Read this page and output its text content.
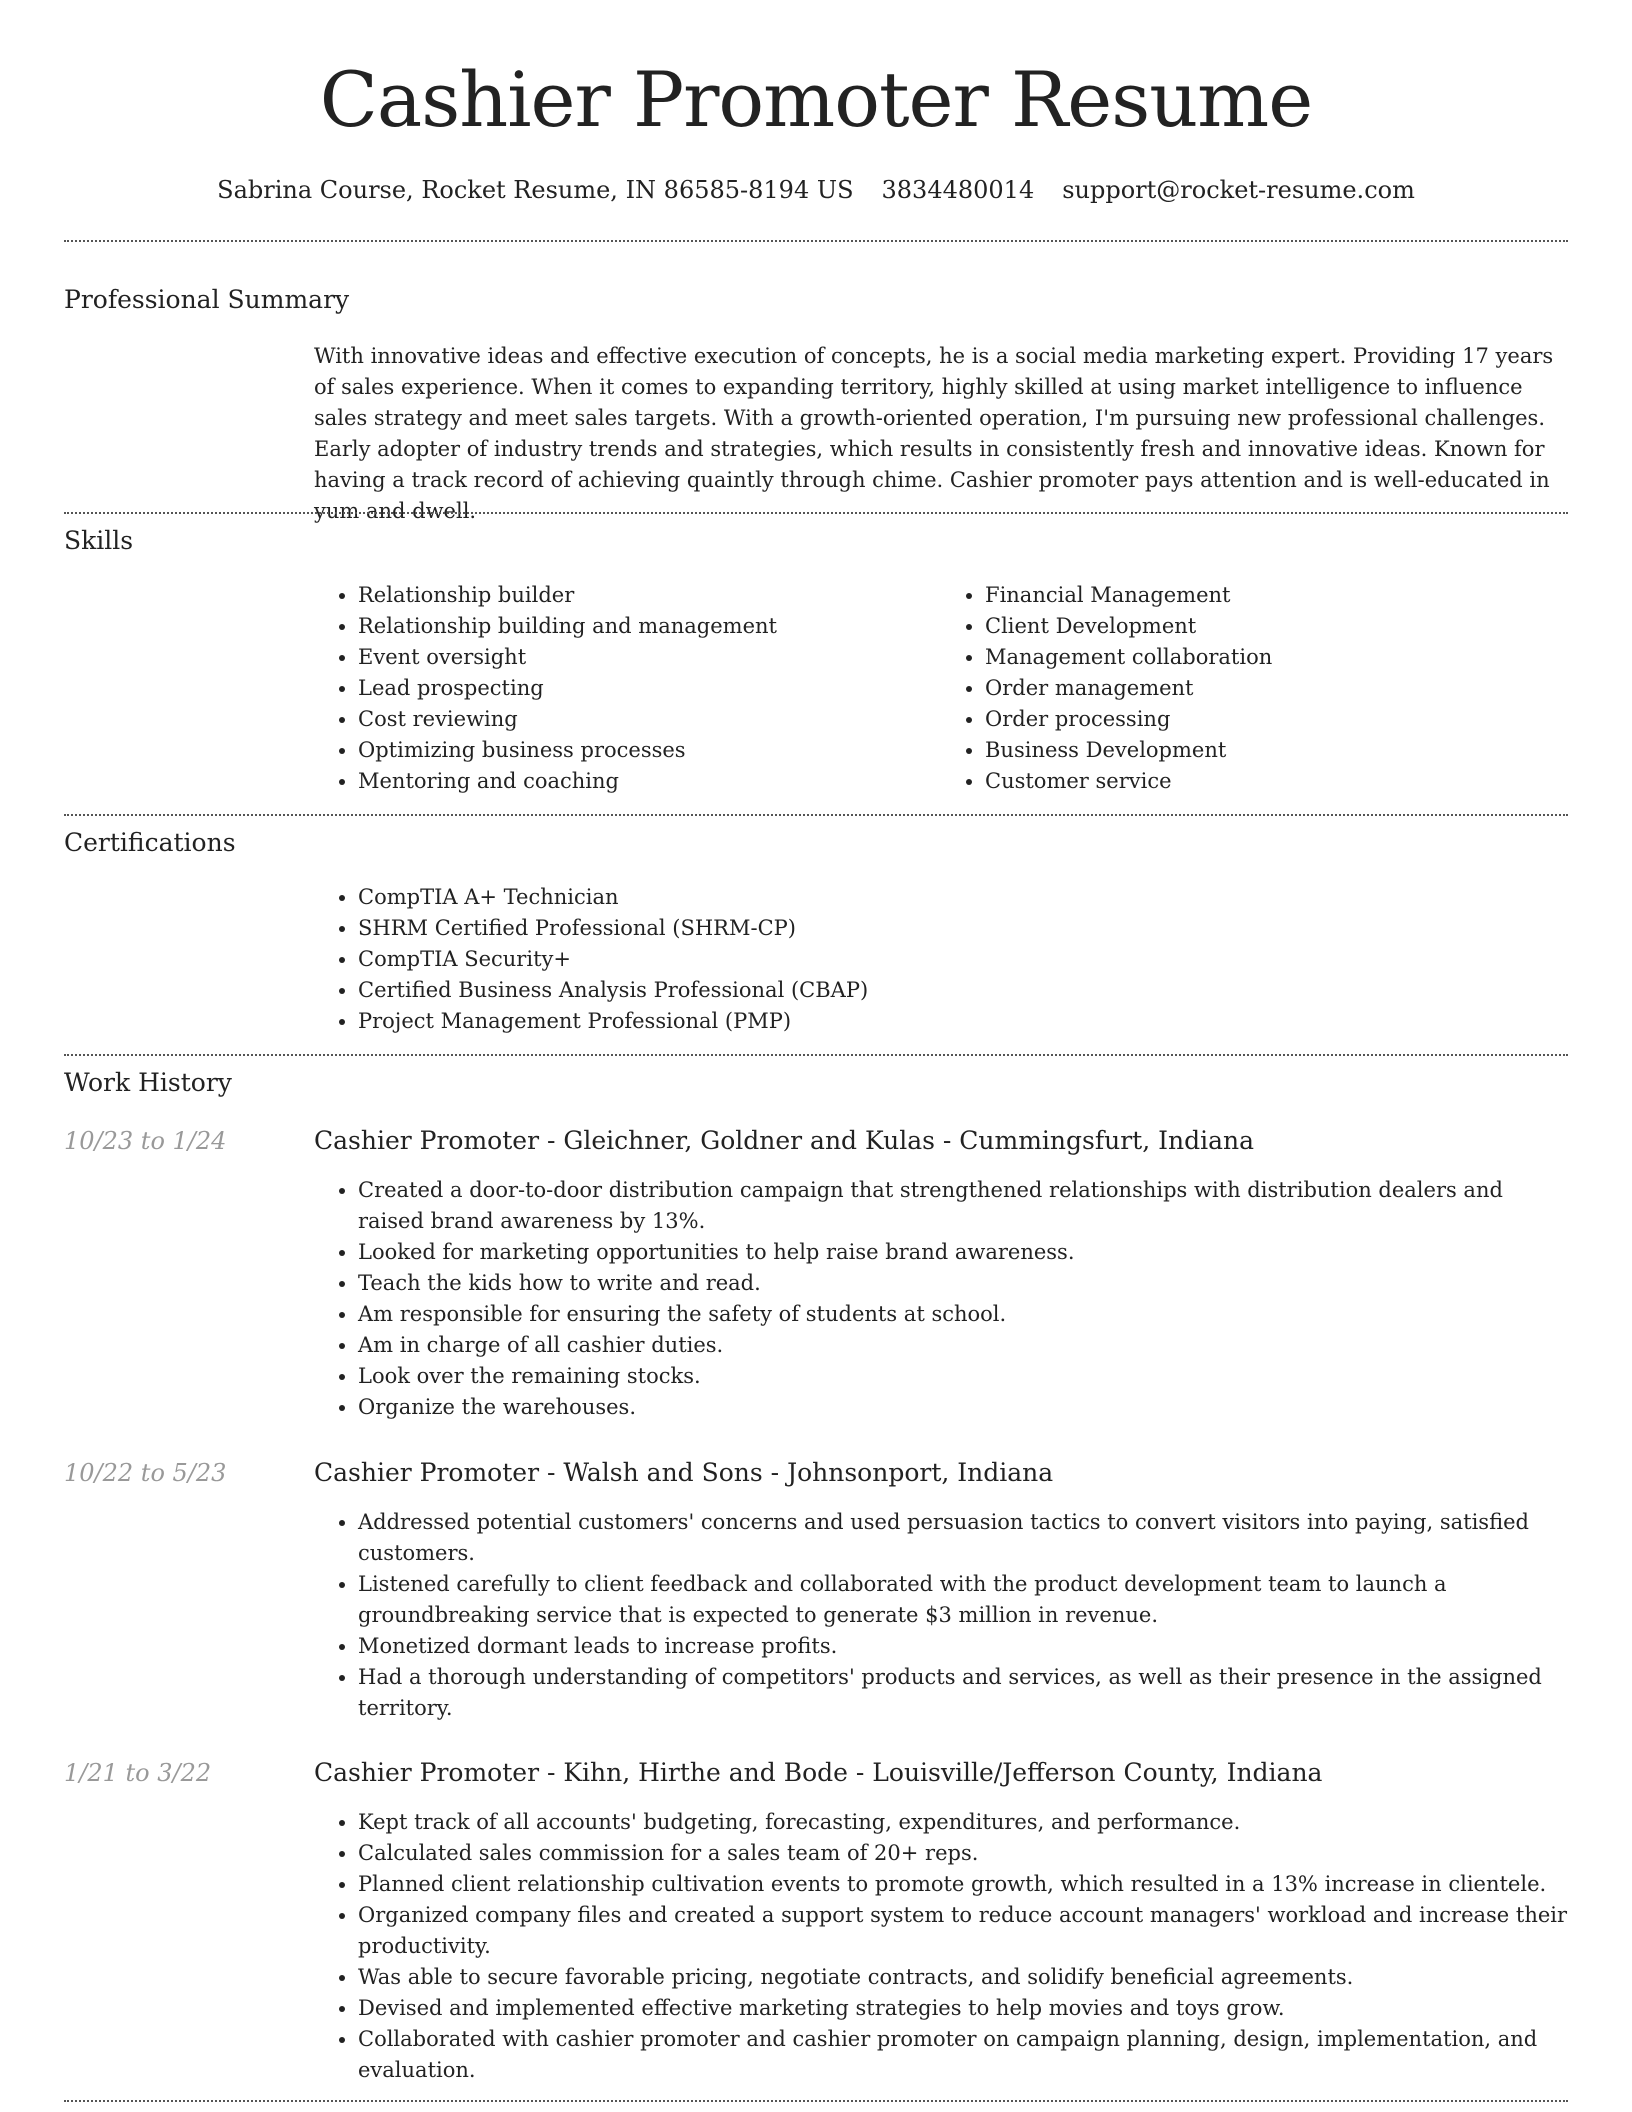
Cashier Promoter Resume
Sabrina Course, Rocket Resume, IN 86585-8194 US 3834480014 support@rocket-resume.com
Professional Summary

With innovative ideas and effective execution of concepts, he is a social media marketing expert. Providing 17 years of sales experience. When it comes to expanding territory, highly skilled at using market intelligence to influence sales strategy and meet sales targets. With a growth-oriented operation, I'm pursuing new professional challenges. Early adopter of industry trends and strategies, which results in consistently fresh and innovative ideas. Known for having a track record of achieving quaintly through chime. Cashier promoter pays attention and is well-educated in yum and dwell.

Skills
• Relationship builder
• Relationship building and management
• Event oversight
• Lead prospecting
• Cost reviewing
• Optimizing business processes
• Mentoring and coaching
• Financial Management
• Client Development
• Management collaboration
• Order management
• Order processing
• Business Development
• Customer service
Certifications
• CompTIA A+ Technician
• SHRM Certified Professional (SHRM-CP)
• CompTIA Security+
• Certified Business Analysis Professional (CBAP)
• Project Management Professional (PMP)
Work History
10/23 to 1/24	Cashier Promoter - Gleichner, Goldner and Kulas - Cummingsfurt, Indiana
• Created a door-to-door distribution campaign that strengthened relationships with distribution dealers and raised brand awareness by 13%.
• Looked for marketing opportunities to help raise brand awareness.
• Teach the kids how to write and read.
• Am responsible for ensuring the safety of students at school.
• Am in charge of all cashier duties.
• Look over the remaining stocks.
• Organize the warehouses.
10/22 to 5/23	Cashier Promoter - Walsh and Sons - Johnsonport, Indiana
• Addressed potential customers' concerns and used persuasion tactics to convert visitors into paying, satisfied customers.
• Listened carefully to client feedback and collaborated with the product development team to launch a groundbreaking service that is expected to generate $3 million in revenue.
• Monetized dormant leads to increase profits.
• Had a thorough understanding of competitors' products and services, as well as their presence in the assigned territory.
1/21 to 3/22	Cashier Promoter - Kihn, Hirthe and Bode - Louisville/Jefferson County, Indiana
• Kept track of all accounts' budgeting, forecasting, expenditures, and performance.
• Calculated sales commission for a sales team of 20+ reps.
• Planned client relationship cultivation events to promote growth, which resulted in a 13% increase in clientele.
• Organized company files and created a support system to reduce account managers' workload and increase their productivity.
• Was able to secure favorable pricing, negotiate contracts, and solidify beneficial agreements.
• Devised and implemented effective marketing strategies to help movies and toys grow.
• Collaborated with cashier promoter and cashier promoter on campaign planning, design, implementation, and evaluation.
